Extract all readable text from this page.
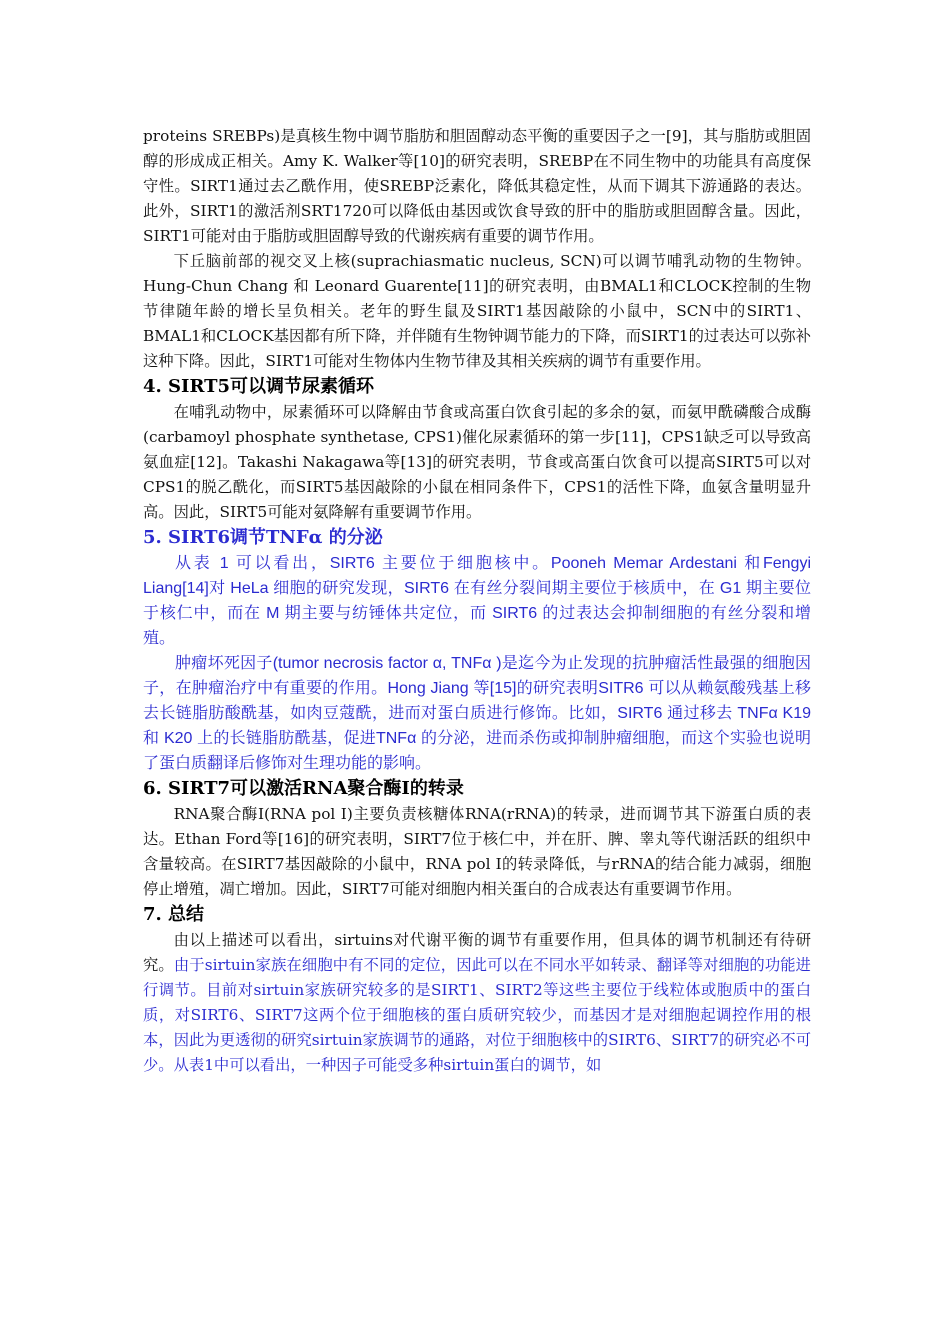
proteins SREBPs)是真核生物中调节脂肪和胆固醇动态平衡的重要因子之一[9]，其与脂肪或胆固醇的形成成正相关。Amy K. Walker等[10]的研究表明，SREBP在不同生物中的功能具有高度保守性。SIRT1通过去乙酰作用，使SREBP泛素化，降低其稳定性，从而下调其下游通路的表达。此外，SIRT1的激活剂SRT1720可以降低由基因或饮食导致的肝中的脂肪或胆固醇含量。因此，SIRT1可能对由于脂肪或胆固醇导致的代谢疾病有重要的调节作用。

下丘脑前部的视交叉上核(suprachiasmatic nucleus, SCN)可以调节哺乳动物的生物钟。Hung-Chun Chang 和 Leonard Guarente[11]的研究表明，由BMAL1和CLOCK控制的生物节律随年龄的增长呈负相关。老年的野生鼠及SIRT1基因敲除的小鼠中，SCN中的SIRT1、BMAL1和CLOCK基因都有所下降，并伴随有生物钟调节能力的下降，而SIRT1的过表达可以弥补这种下降。因此，SIRT1可能对生物体内生物节律及其相关疾病的调节有重要作用。

4. SIRT5可以调节尿素循环

在哺乳动物中，尿素循环可以降解由节食或高蛋白饮食引起的多余的氨，而氨甲酰磷酸合成酶 (carbamoyl phosphate synthetase, CPS1)催化尿素循环的第一步[11]，CPS1缺乏可以导致高氨血症[12]。Takashi Nakagawa等[13]的研究表明，节食或高蛋白饮食可以提高SIRT5可以对CPS1的脱乙酰化，而SIRT5基因敲除的小鼠在相同条件下，CPS1的活性下降，血氨含量明显升高。因此，SIRT5可能对氨降解有重要调节作用。

5. SIRT6调节TNFα 的分泌

从表 1 可以看出，SIRT6 主要位于细胞核中。Pooneh Memar Ardestani 和Fengyi Liang[14]对 HeLa 细胞的研究发现，SIRT6 在有丝分裂间期主要位于核质中，在 G1 期主要位于核仁中，而在 M 期主要与纺锤体共定位，而 SIRT6 的过表达会抑制细胞的有丝分裂和增殖。

肿瘤坏死因子(tumor necrosis factor α, TNFα )是迄今为止发现的抗肿瘤活性最强的细胞因子，在肿瘤治疗中有重要的作用。Hong Jiang 等[15]的研究表明SITR6 可以从赖氨酸残基上移去长链脂肪酸酰基，如肉豆蔻酰，进而对蛋白质进行修饰。比如，SIRT6 通过移去 TNFα K19 和 K20 上的长链脂肪酰基，促进TNFα 的分泌，进而杀伤或抑制肿瘤细胞，而这个实验也说明了蛋白质翻译后修饰对生理功能的影响。

6. SIRT7可以激活RNA聚合酶I的转录

RNA聚合酶I(RNA pol I)主要负责核糖体RNA(rRNA)的转录，进而调节其下游蛋白质的表达。Ethan Ford等[16]的研究表明，SIRT7位于核仁中，并在肝、脾、睾丸等代谢活跃的组织中含量较高。在SIRT7基因敲除的小鼠中，RNA pol I的转录降低，与rRNA的结合能力减弱，细胞停止增殖，凋亡增加。因此，SIRT7可能对细胞内相关蛋白的合成表达有重要调节作用。

7. 总结

由以上描述可以看出，sirtuins对代谢平衡的调节有重要作用，但具体的调节机制还有待研究。由于sirtuin家族在细胞中有不同的定位，因此可以在不同水平如转录、翻译等对细胞的功能进行调节。目前对sirtuin家族研究较多的是SIRT1、SIRT2等这些主要位于线粒体或胞质中的蛋白质，对SIRT6、SIRT7这两个位于细胞核的蛋白质研究较少，而基因才是对细胞起调控作用的根本，因此为更透彻的研究sirtuin家族调节的通路，对位于细胞核中的SIRT6、SIRT7的研究必不可少。从表1中可以看出，一种因子可能受多种sirtuin蛋白的调节，如
